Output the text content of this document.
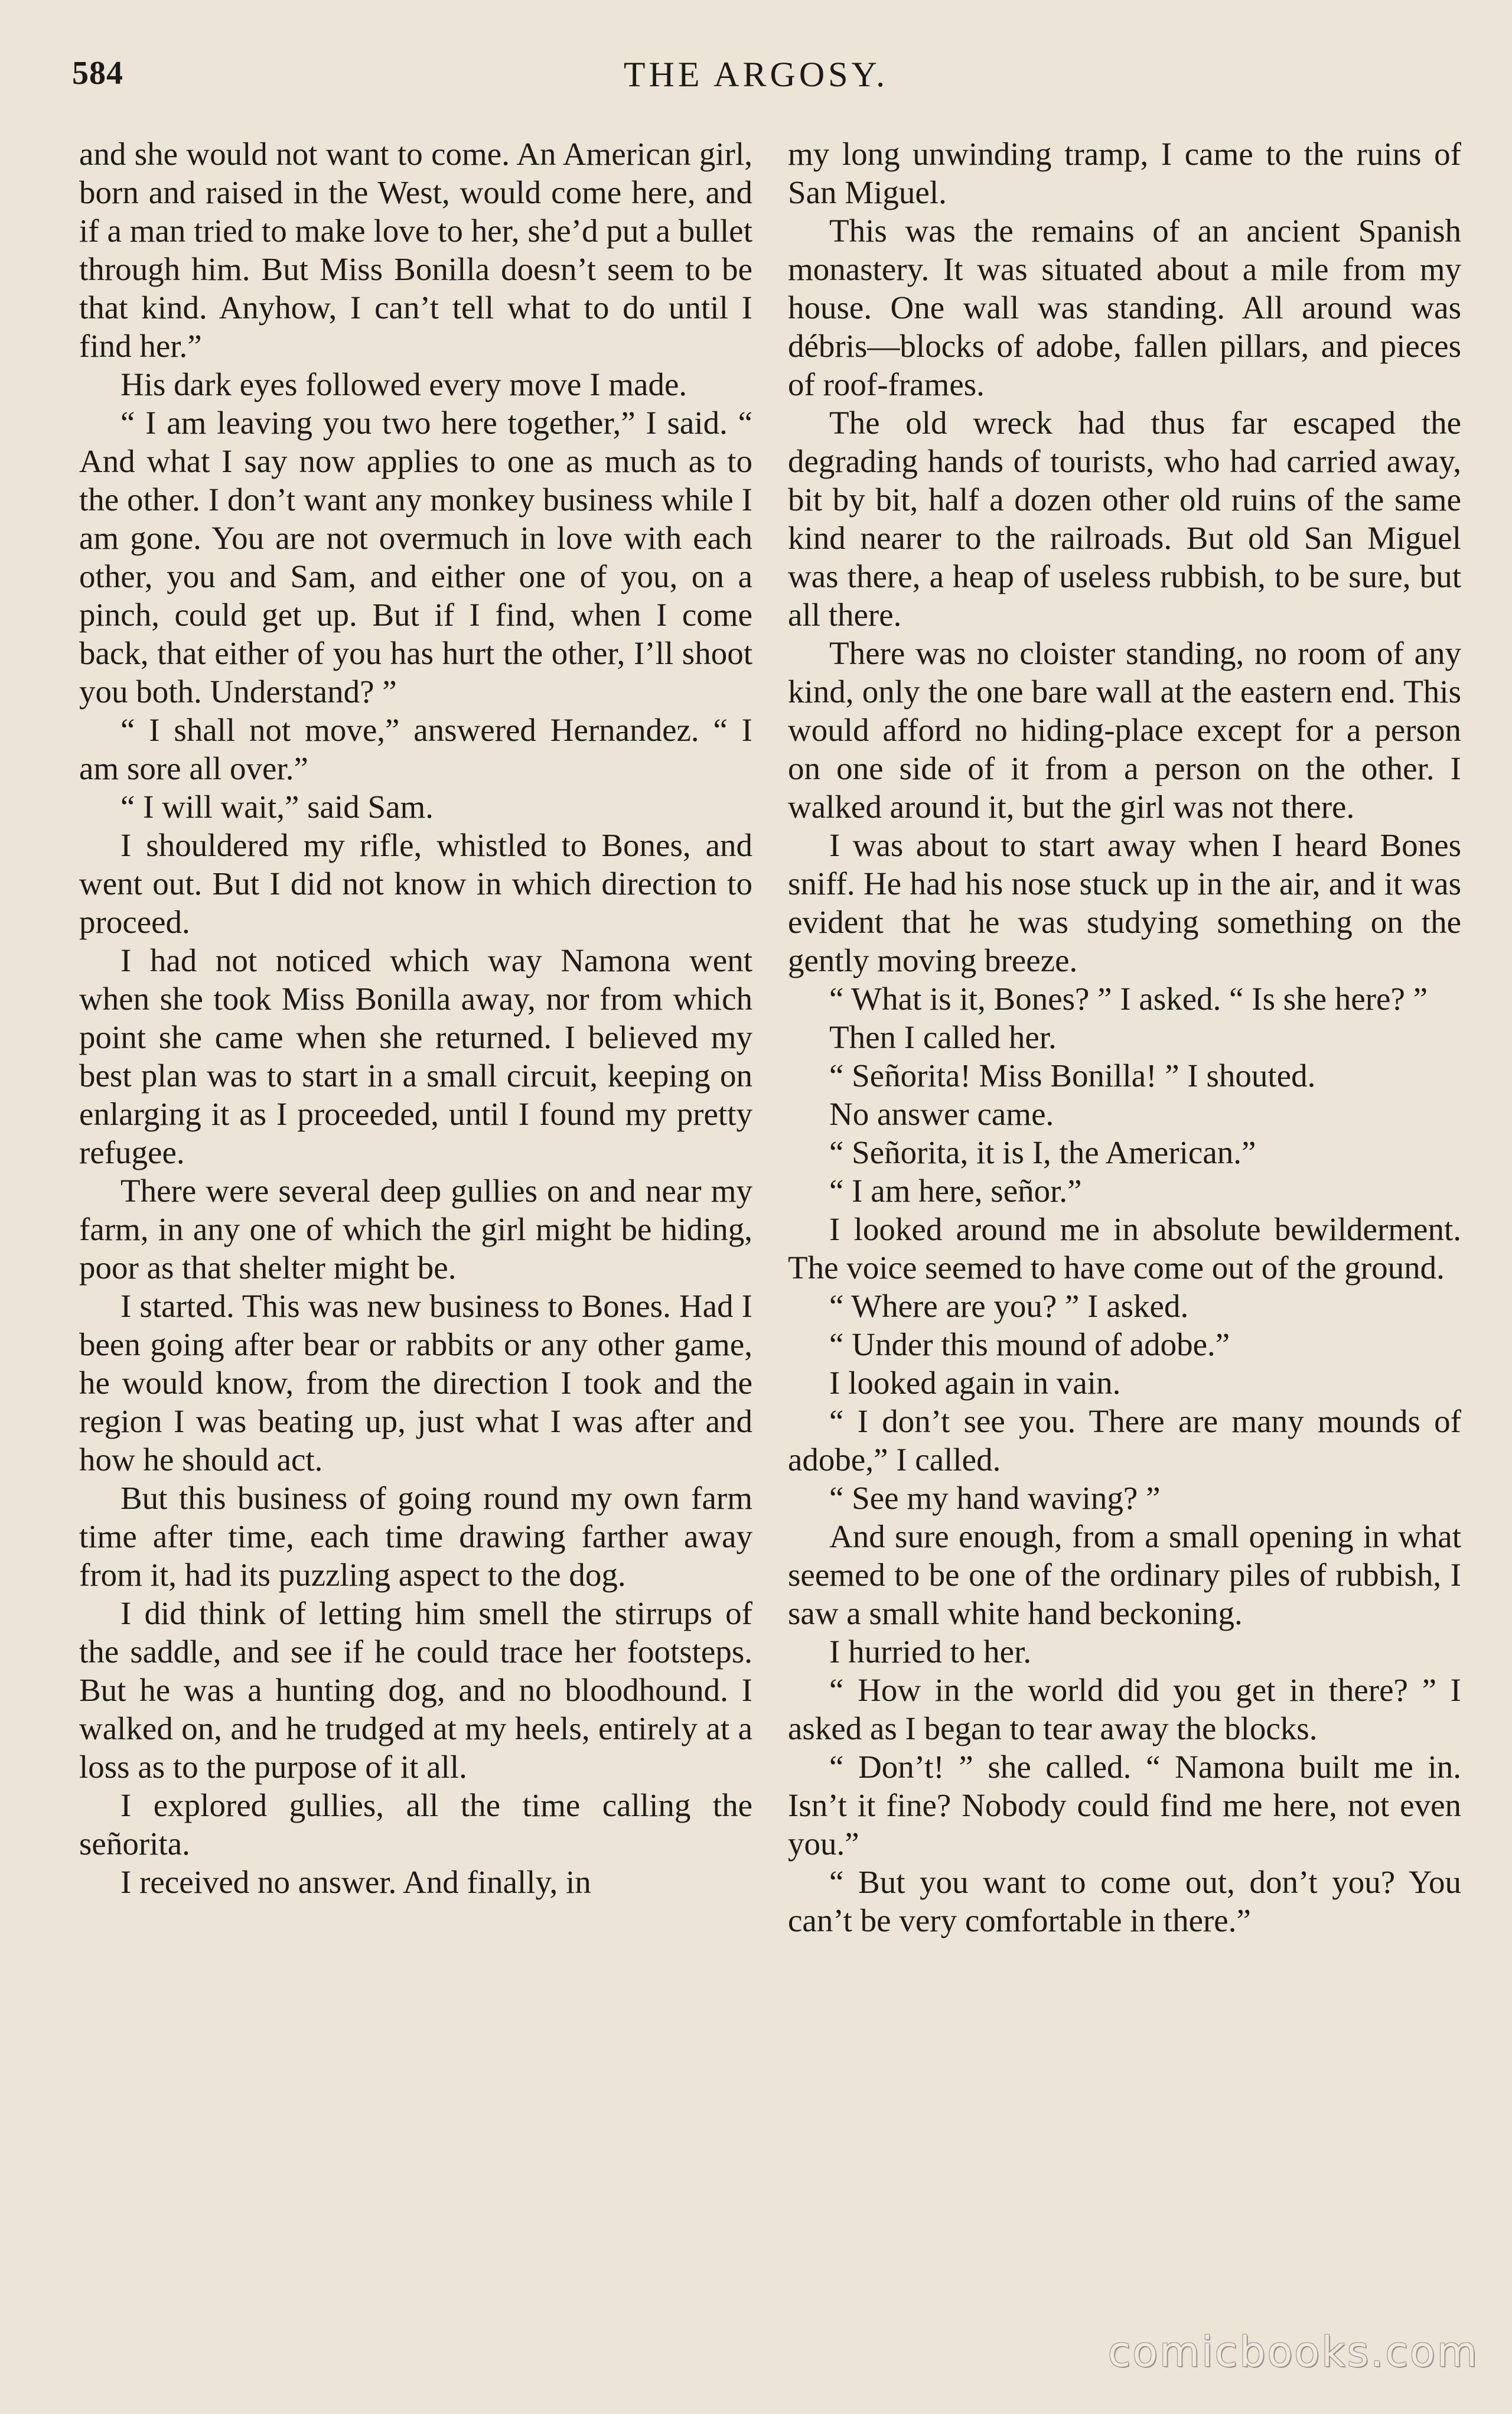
584	THE ARGOSY.

and she would not want to come. An American girl, born and raised in the West, would come here, and if a man tried to make love to her, she’d put a bullet through him. But Miss Bonilla doesn’t seem to be that kind. Anyhow, I can’t tell what to do until I find her.”

His dark eyes followed every move I made.

“ I am leaving you two here together,” I said. “ And what I say now applies to one as much as to the other. I don’t want any monkey business while I am gone. You are not overmuch in love with each other, you and Sam, and either one of you, on a pinch, could get up. But if I find, when I come back, that either of you has hurt the other, I’ll shoot you both. Understand? ”

“ I shall not move,” answered Hernandez. “ I am sore all over.”

“ I will wait,” said Sam.

I shouldered my rifle, whistled to Bones, and went out. But I did not know in which direction to proceed.

I had not noticed which way Namona went when she took Miss Bonilla away, nor from which point she came when she returned. I believed my best plan was to start in a small circuit, keeping on enlarging it as I proceeded, until I found my pretty refugee.

There were several deep gullies on and near my farm, in any one of which the girl might be hiding, poor as that shelter might be.

I started. This was new business to Bones. Had I been going after bear or rabbits or any other game, he would know, from the direction I took and the region I was beating up, just what I was after and how he should act.

But this business of going round my own farm time after time, each time drawing farther away from it, had its puzzling aspect to the dog.

I did think of letting him smell the stirrups of the saddle, and see if he could trace her footsteps. But he was a hunting dog, and no bloodhound. I walked on, and he trudged at my heels, entirely at a loss as to the purpose of it all.

I explored gullies, all the time calling the señorita.

I received no answer. And finally, in

my long unwinding tramp, I came to the ruins of San Miguel.

This was the remains of an ancient Spanish monastery. It was situated about a mile from my house. One wall was standing. All around was débris—blocks of adobe, fallen pillars, and pieces of roof-frames.

The old wreck had thus far escaped the degrading hands of tourists, who had carried away, bit by bit, half a dozen other old ruins of the same kind nearer to the railroads. But old San Miguel was there, a heap of useless rubbish, to be sure, but all there.

There was no cloister standing, no room of any kind, only the one bare wall at the eastern end. This would afford no hiding-place except for a person on one side of it from a person on the other. I walked around it, but the girl was not there.

I was about to start away when I heard Bones sniff. He had his nose stuck up in the air, and it was evident that he was studying something on the gently moving breeze.

“ What is it, Bones? ” I asked. “ Is she here? ”

Then I called her.

“ Señorita! Miss Bonilla! ” I shouted.

No answer came.

“ Señorita, it is I, the American.”

“ I am here, señor.”

I looked around me in absolute bewilderment. The voice seemed to have come out of the ground.

“ Where are you? ” I asked.

“ Under this mound of adobe.”

I looked again in vain.

“ I don’t see you. There are many mounds of adobe,” I called.

“ See my hand waving? ”

And sure enough, from a small opening in what seemed to be one of the ordinary piles of rubbish, I saw a small white hand beckoning.

I hurried to her.

“ How in the world did you get in there? ” I asked as I began to tear away the blocks.

“ Don’t! ” she called. “ Namona built me in. Isn’t it fine? Nobody could find me here, not even you.”

“ But you want to come out, don’t you? You can’t be very comfortable in there.”

comicbooks.com
